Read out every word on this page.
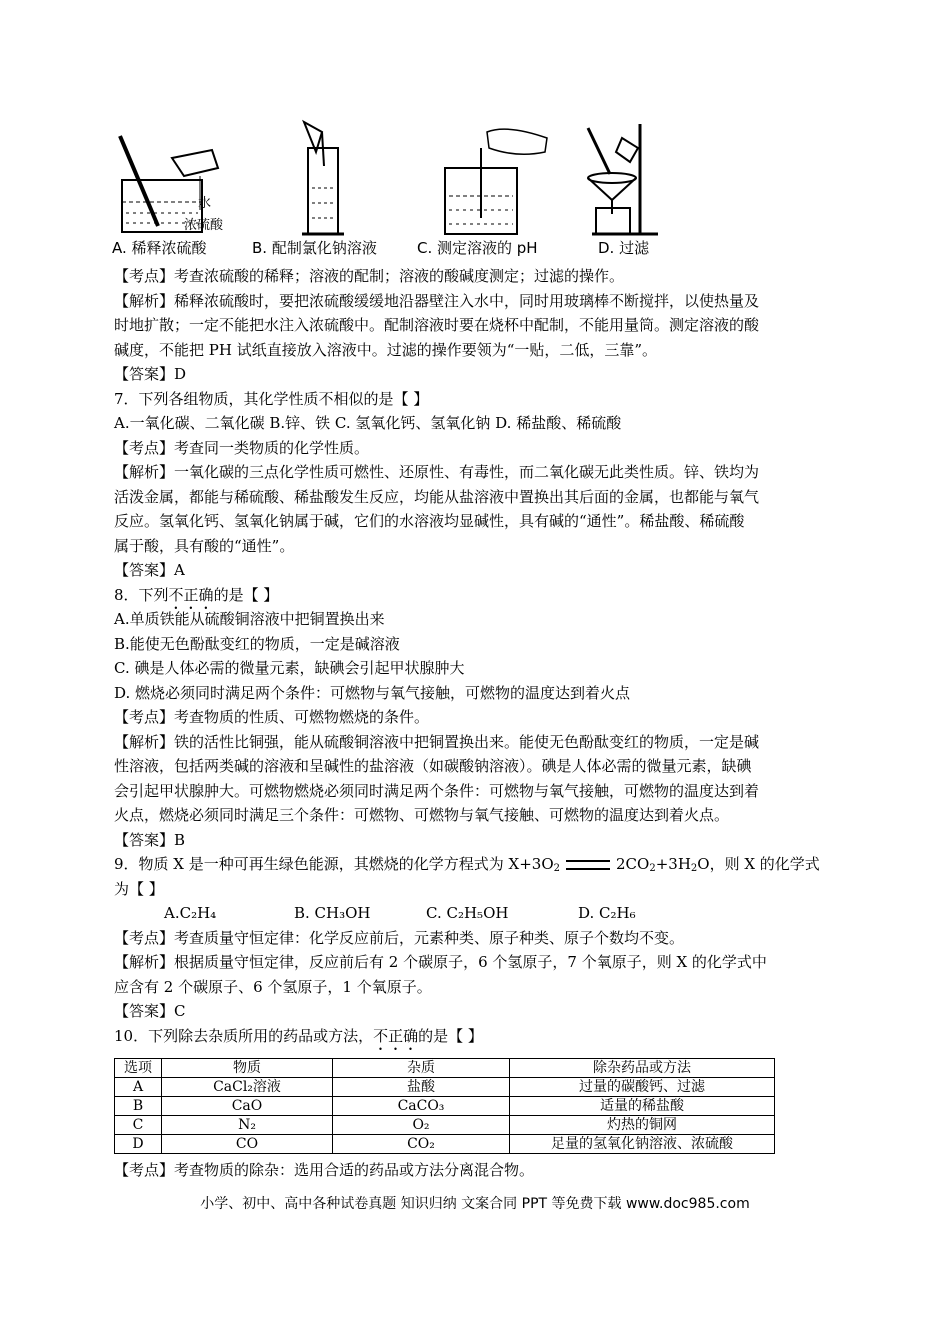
水
浓硫酸
A. 稀释浓硫酸	B. 配制氯化钠溶液	C. 测定溶液的 pH	D. 过滤
【考点】考查浓硫酸的稀释；溶液的配制；溶液的酸碱度测定；过滤的操作。
【解析】稀释浓硫酸时，要把浓硫酸缓缓地沿器壁注入水中，同时用玻璃棒不断搅拌，以使热量及
时地扩散；一定不能把水注入浓硫酸中。配制溶液时要在烧杯中配制，不能用量筒。测定溶液的酸
碱度，不能把 PH 试纸直接放入溶液中。过滤的操作要领为“一贴，二低，三靠”。
【答案】D
7．下列各组物质，其化学性质不相似的是【 】
A.一氧化碳、二氧化碳 B.锌、铁 C. 氢氧化钙、氢氧化钠 D. 稀盐酸、稀硫酸
【考点】考查同一类物质的化学性质。
【解析】一氧化碳的三点化学性质可燃性、还原性、有毒性，而二氧化碳无此类性质。锌、铁均为
活泼金属，都能与稀硫酸、稀盐酸发生反应，均能从盐溶液中置换出其后面的金属，也都能与氧气
反应。氢氧化钙、氢氧化钠属于碱，它们的水溶液均显碱性，具有碱的“通性”。稀盐酸、稀硫酸
属于酸，具有酸的“通性”。
【答案】A
8．下列不正确的是【 】
A.单质铁能从硫酸铜溶液中把铜置换出来
B.能使无色酚酞变红的物质，一定是碱溶液
C. 碘是人体必需的微量元素，缺碘会引起甲状腺肿大
D. 燃烧必须同时满足两个条件：可燃物与氧气接触，可燃物的温度达到着火点
【考点】考查物质的性质、可燃物燃烧的条件。
【解析】铁的活性比铜强，能从硫酸铜溶液中把铜置换出来。能使无色酚酞变红的物质，一定是碱
性溶液，包括两类碱的溶液和呈碱性的盐溶液（如碳酸钠溶液）。碘是人体必需的微量元素，缺碘
会引起甲状腺肿大。可燃物燃烧必须同时满足两个条件：可燃物与氧气接触，可燃物的温度达到着
火点，燃烧必须同时满足三个条件：可燃物、可燃物与氧气接触、可燃物的温度达到着火点。
【答案】B
9．物质 X 是一种可再生绿色能源，其燃烧的化学方程式为 $X+3O_2$	$2CO_2+3H_2O$，则 X 的化学式
为【 】
A.C₂H₄	B. CH₃OH	C. C₂H₅OH	D. C₂H₆
【考点】考查质量守恒定律：化学反应前后，元素种类、原子种类、原子个数均不变。
【解析】根据质量守恒定律，反应前后有 2 个碳原子，6 个氢原子，7 个氧原子，则 X 的化学式中
应含有 2 个碳原子、6 个氢原子，1 个氧原子。
【答案】C
10．下列除去杂质所用的药品或方法，不正确的是【 】
选项	物质	杂质	除杂药品或方法
A	CaCl₂溶液	盐酸	过量的碳酸钙、过滤
B	CaO	CaCO₃	适量的稀盐酸
C	N₂	O₂	灼热的铜网
D	CO	CO₂	足量的氢氧化钠溶液、浓硫酸
【考点】考查物质的除杂：选用合适的药品或方法分离混合物。
小学、初中、高中各种试卷真题 知识归纳 文案合同 PPT 等免费下载 www.doc985.com
